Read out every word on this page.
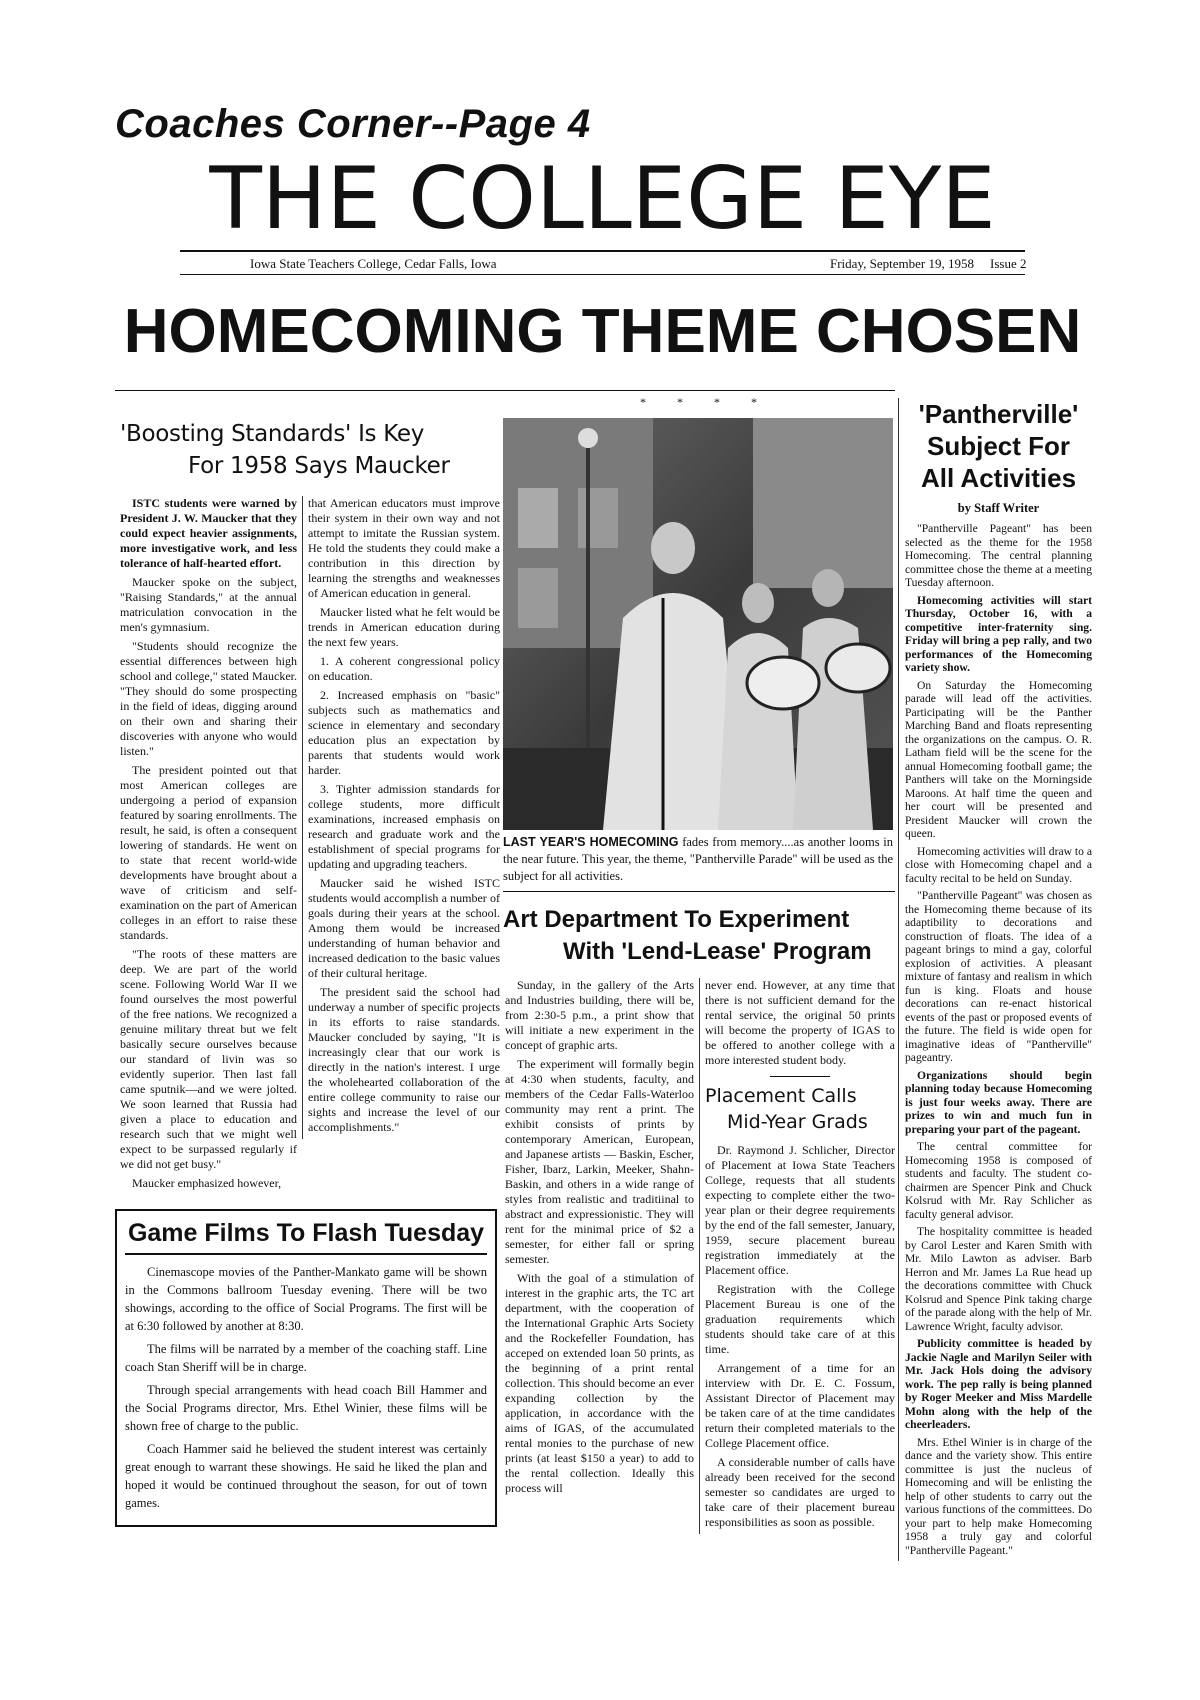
Coaches Corner--Page 4
THE COLLEGE EYE
Iowa State Teachers College, Cedar Falls, Iowa	Friday, September 19, 1958 Issue 2
HOMECOMING THEME CHOSEN
* * * *
'Boosting Standards' Is Key
For 1958 Says Maucker

ISTC students were warned by President J. W. Maucker that they could expect heavier assignments, more investigative work, and less tolerance of half-hearted effort.

Maucker spoke on the subject, "Raising Standards," at the annual matriculation convocation in the men's gymnasium.

"Students should recognize the essential differences between high school and college," stated Maucker. "They should do some prospecting in the field of ideas, digging around on their own and sharing their discoveries with anyone who would listen."

The president pointed out that most American colleges are undergoing a period of expansion featured by soaring enrollments. The result, he said, is often a consequent lowering of standards. He went on to state that recent world-wide developments have brought about a wave of criticism and self-examination on the part of American colleges in an effort to raise these standards.

"The roots of these matters are deep. We are part of the world scene. Following World War II we found ourselves the most powerful of the free nations. We recognized a genuine military threat but we felt basically secure ourselves because our standard of livin was so evidently superior. Then last fall came sputnik—and we were jolted. We soon learned that Russia had given a place to education and research such that we might well expect to be surpassed regularly if we did not get busy."

Maucker emphasized however,

that American educators must improve their system in their own way and not attempt to imitate the Russian system. He told the students they could make a contribution in this direction by learning the strengths and weaknesses of American education in general.

Maucker listed what he felt would be trends in American education during the next few years.

1. A coherent congressional policy on education.

2. Increased emphasis on "basic" subjects such as mathematics and science in elementary and secondary education plus an expectation by parents that students would work harder.

3. Tighter admission standards for college students, more difficult examinations, increased emphasis on research and graduate work and the establishment of special programs for updating and upgrading teachers.

Maucker said he wished ISTC students would accomplish a number of goals during their years at the school. Among them would be increased understanding of human behavior and increased dedication to the basic values of their cultural heritage.

The president said the school had underway a number of specific projects in its efforts to raise standards. Maucker concluded by saying, "It is increasingly clear that our work is directly in the nation's interest. I urge the wholehearted collaboration of the entire college community to raise our sights and increase the level of our accomplishments."

Game Films To Flash Tuesday

Cinemascope movies of the Panther-Mankato game will be shown in the Commons ballroom Tuesday evening. There will be two showings, according to the office of Social Programs. The first will be at 6:30 followed by another at 8:30.

The films will be narrated by a member of the coaching staff. Line coach Stan Sheriff will be in charge.

Through special arrangements with head coach Bill Hammer and the Social Programs director, Mrs. Ethel Winier, these films will be shown free of charge to the public.

Coach Hammer said he believed the student interest was certainly great enough to warrant these showings. He said he liked the plan and hoped it would be continued throughout the season, for out of town games.

LAST YEAR'S HOMECOMING fades from memory....as another looms in the near future. This year, the theme, "Pantherville Parade" will be used as the subject for all activities.
Art Department To Experiment
With 'Lend-Lease' Program

Sunday, in the gallery of the Arts and Industries building, there will be, from 2:30-5 p.m., a print show that will initiate a new experiment in the concept of graphic arts.

The experiment will formally begin at 4:30 when students, faculty, and members of the Cedar Falls-Waterloo community may rent a print. The exhibit consists of prints by contemporary American, European, and Japanese artists — Baskin, Escher, Fisher, Ibarz, Larkin, Meeker, Shahn-Baskin, and others in a wide range of styles from realistic and traditiinal to abstract and expressionistic. They will rent for the minimal price of $2 a semester, for either fall or spring semester.

With the goal of a stimulation of interest in the graphic arts, the TC art department, with the cooperation of the International Graphic Arts Society and the Rockefeller Foundation, has acceped on extended loan 50 prints, as the beginning of a print rental collection. This should become an ever expanding collection by the application, in accordance with the aims of IGAS, of the accumulated rental monies to the purchase of new prints (at least $150 a year) to add to the rental collection. Ideally this process will

never end. However, at any time that there is not sufficient demand for the rental service, the original 50 prints will become the property of IGAS to be offered to another college with a more interested student body.

Placement Calls
Mid-Year Grads

Dr. Raymond J. Schlicher, Director of Placement at Iowa State Teachers College, requests that all students expecting to complete either the two-year plan or their degree requirements by the end of the fall semester, January, 1959, secure placement bureau registration immediately at the Placement office.

Registration with the College Placement Bureau is one of the graduation requirements which students should take care of at this time.

Arrangement of a time for an interview with Dr. E. C. Fossum, Assistant Director of Placement may be taken care of at the time candidates return their completed materials to the College Placement office.

A considerable number of calls have already been received for the second semester so candidates are urged to take care of their placement bureau responsibilities as soon as possible.

'Pantherville'
Subject For
All Activities
by Staff Writer

"Pantherville Pageant" has been selected as the theme for the 1958 Homecoming. The central planning committee chose the theme at a meeting Tuesday afternoon.

Homecoming activities will start Thursday, October 16, with a competitive inter-fraternity sing. Friday will bring a pep rally, and two performances of the Homecoming variety show.

On Saturday the Homecoming parade will lead off the activities. Participating will be the Panther Marching Band and floats representing the organizations on the campus. O. R. Latham field will be the scene for the annual Homecoming football game; the Panthers will take on the Morningside Maroons. At half time the queen and her court will be presented and President Maucker will crown the queen.

Homecoming activities will draw to a close with Homecoming chapel and a faculty recital to be held on Sunday.

"Pantherville Pageant" was chosen as the Homecoming theme because of its adaptibility to decorations and construction of floats. The idea of a pageant brings to mind a gay, colorful explosion of activities. A pleasant mixture of fantasy and realism in which fun is king. Floats and house decorations can re-enact historical events of the past or proposed events of the future. The field is wide open for imaginative ideas of "Pantherville" pageantry.

Organizations should begin planning today because Homecoming is just four weeks away. There are prizes to win and much fun in preparing your part of the pageant.

The central committee for Homecoming 1958 is composed of students and faculty. The student co-chairmen are Spencer Pink and Chuck Kolsrud with Mr. Ray Schlicher as faculty general advisor.

The hospitality committee is headed by Carol Lester and Karen Smith with Mr. Milo Lawton as adviser. Barb Herron and Mr. James La Rue head up the decorations committee with Chuck Kolsrud and Spence Pink taking charge of the parade along with the help of Mr. Lawrence Wright, faculty advisor.

Publicity committee is headed by Jackie Nagle and Marilyn Seiler with Mr. Jack Hols doing the advisory work. The pep rally is being planned by Roger Meeker and Miss Mardelle Mohn along with the help of the cheerleaders.

Mrs. Ethel Winier is in charge of the dance and the variety show. This entire committee is just the nucleus of Homecoming and will be enlisting the help of other students to carry out the various functions of the committees. Do your part to help make Homecoming 1958 a truly gay and colorful "Pantherville Pageant."
